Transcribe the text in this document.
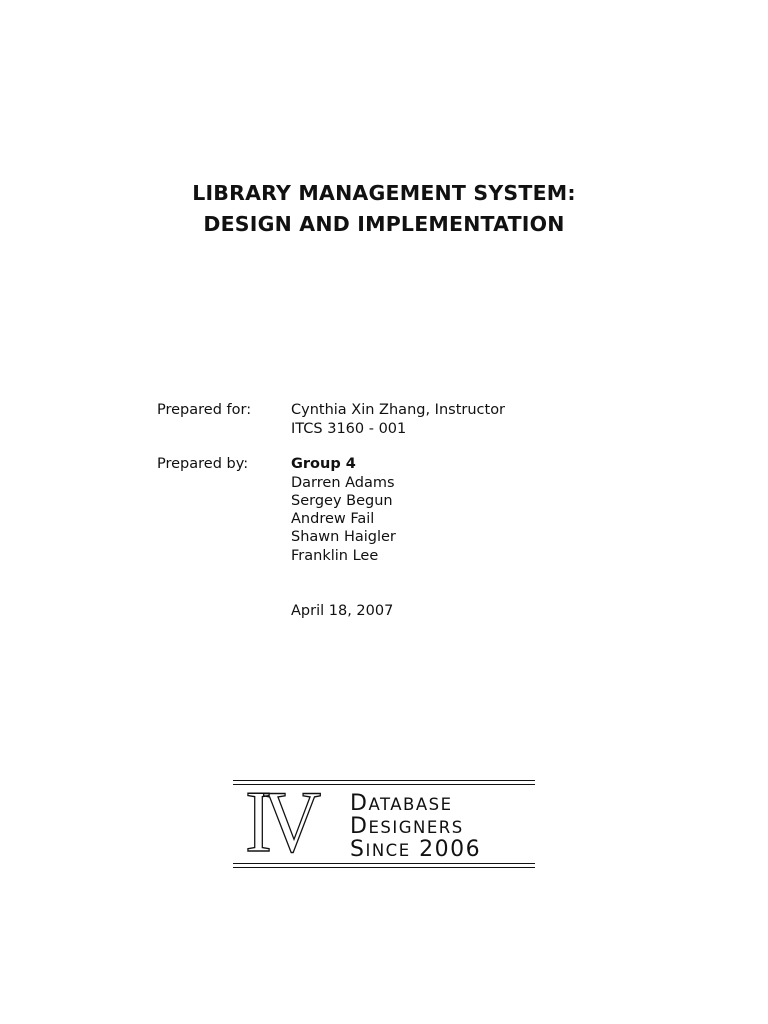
LIBRARY MANAGEMENT SYSTEM:
DESIGN AND IMPLEMENTATION
Prepared for:	Cynthia Xin Zhang, Instructor
ITCS 3160 - 001
Prepared by:	Group 4
Darren Adams
Sergey Begun
Andrew Fail
Shawn Haigler
Franklin Lee
April 18, 2007
IV DATABASE
DESIGNERS
SINCE 2006
